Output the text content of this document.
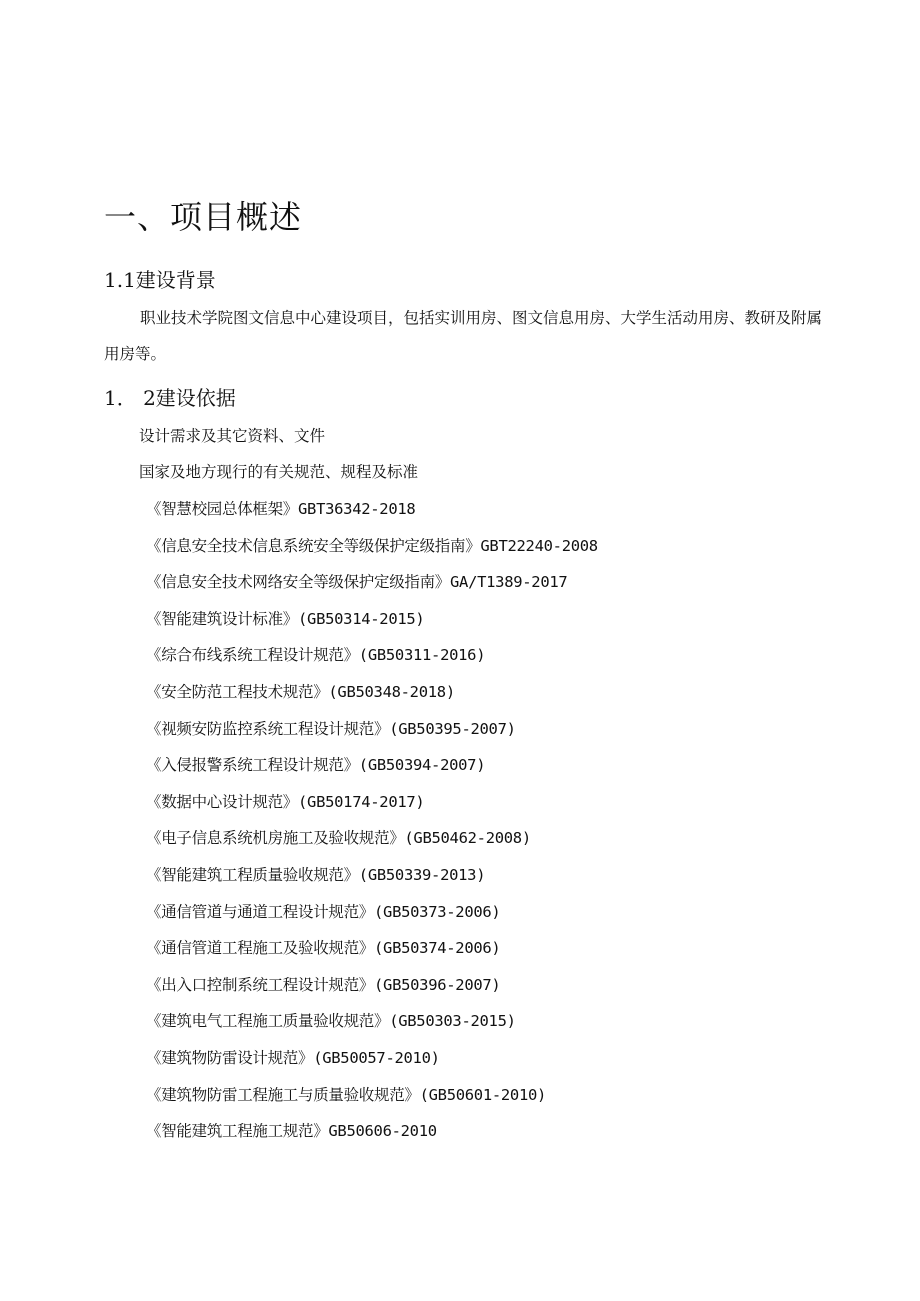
一、项目概述
1.1建设背景
职业技术学院图文信息中心建设项目，包括实训用房、图文信息用房、大学生活动用房、教研及附属用房等。
1． 2建设依据
设计需求及其它资料、文件
国家及地方现行的有关规范、规程及标准
《智慧校园总体框架》GBT36342-2018
《信息安全技术信息系统安全等级保护定级指南》GBT22240-2008
《信息安全技术网络安全等级保护定级指南》GA/T1389-2017
《智能建筑设计标准》(GB50314-2015)
《综合布线系统工程设计规范》(GB50311-2016)
《安全防范工程技术规范》(GB50348-2018)
《视频安防监控系统工程设计规范》(GB50395-2007)
《入侵报警系统工程设计规范》(GB50394-2007)
《数据中心设计规范》(GB50174-2017)
《电子信息系统机房施工及验收规范》(GB50462-2008)
《智能建筑工程质量验收规范》(GB50339-2013)
《通信管道与通道工程设计规范》(GB50373-2006)
《通信管道工程施工及验收规范》(GB50374-2006)
《出入口控制系统工程设计规范》(GB50396-2007)
《建筑电气工程施工质量验收规范》(GB50303-2015)
《建筑物防雷设计规范》(GB50057-2010)
《建筑物防雷工程施工与质量验收规范》(GB50601-2010)
《智能建筑工程施工规范》GB50606-2010
